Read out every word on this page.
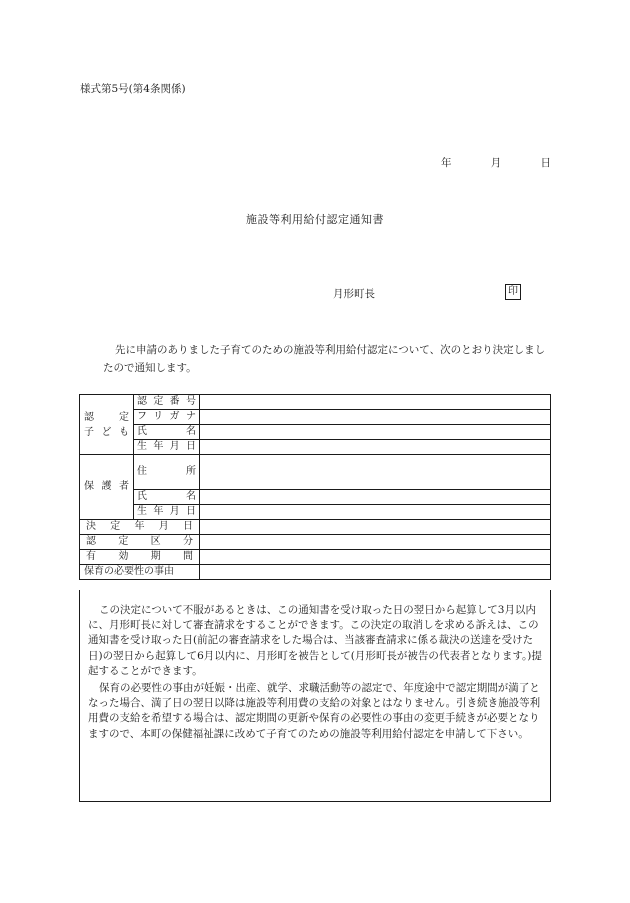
様式第5号(第4条関係)
年	月	日
施設等利用給付認定通知書
月形町長	印
先に申請のありました子育てのための施設等利用給付認定について、次のとおり決定しましたので通知します。
認　　定
子 ど も	認定番号	
	フリガナ	
	氏　　名	
	生年月日	
保 護 者	住　　所	
	氏　　名	
	生年月日	
決定年月日		
認定区分		
有効期間		
保育の必要性の事由		
この決定について不服があるときは、この通知書を受け取った日の翌日から起算して3月以内に、月形町長に対して審査請求をすることができます。この決定の取消しを求める訴えは、この通知書を受け取った日(前記の審査請求をした場合は、当該審査請求に係る裁決の送達を受けた日)の翌日から起算して6月以内に、月形町を被告として(月形町長が被告の代表者となります。)提起することができます。
保育の必要性の事由が妊娠・出産、就学、求職活動等の認定で、年度途中で認定期間が満了となった場合、満了日の翌日以降は施設等利用費の支給の対象とはなりません。引き続き施設等利用費の支給を希望する場合は、認定期間の更新や保育の必要性の事由の変更手続きが必要となりますので、本町の保健福祉課に改めて子育てのための施設等利用給付認定を申請して下さい。
